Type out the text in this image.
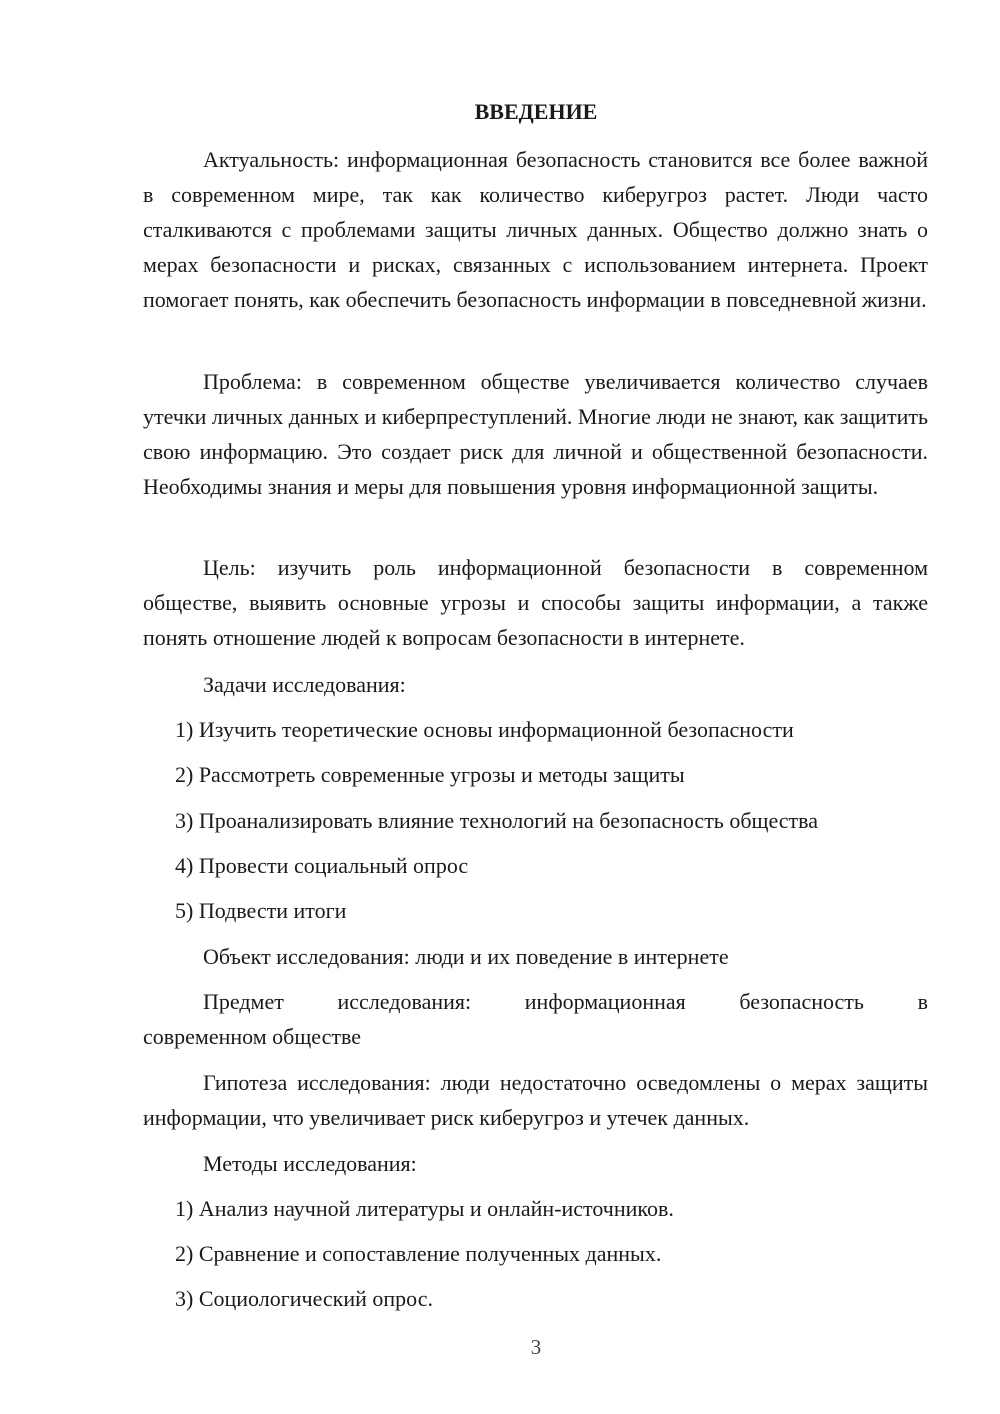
ВВЕДЕНИЕ

Актуальность: информационная безопасность становится все более важной в современном мире, так как количество киберугроз растет. Люди часто сталкиваются с проблемами защиты личных данных. Общество должно знать о мерах безопасности и рисках, связанных с использованием интернета. Проект помогает понять, как обеспечить безопасность информации в повседневной жизни.

Проблема: в современном обществе увеличивается количество случаев утечки личных данных и киберпреступлений. Многие люди не знают, как защитить свою информацию. Это создает риск для личной и общественной безопасности. Необходимы знания и меры для повышения уровня информационной защиты.

Цель: изучить роль информационной безопасности в современном обществе, выявить основные угрозы и способы защиты информации, а также понять отношение людей к вопросам безопасности в интернете.

Задачи исследования:

1) Изучить теоретические основы информационной безопасности

2) Рассмотреть современные угрозы и методы защиты

3) Проанализировать влияние технологий на безопасность общества

4) Провести социальный опрос

5) Подвести итоги

Объект исследования: люди и их поведение в интернете

Предмет исследования: информационная безопасность в
современном обществе

Гипотеза исследования: люди недостаточно осведомлены о мерах защиты информации, что увеличивает риск киберугроз и утечек данных.

Методы исследования:

1) Анализ научной литературы и онлайн-источников.

2) Сравнение и сопоставление полученных данных.

3) Социологический опрос.

3
